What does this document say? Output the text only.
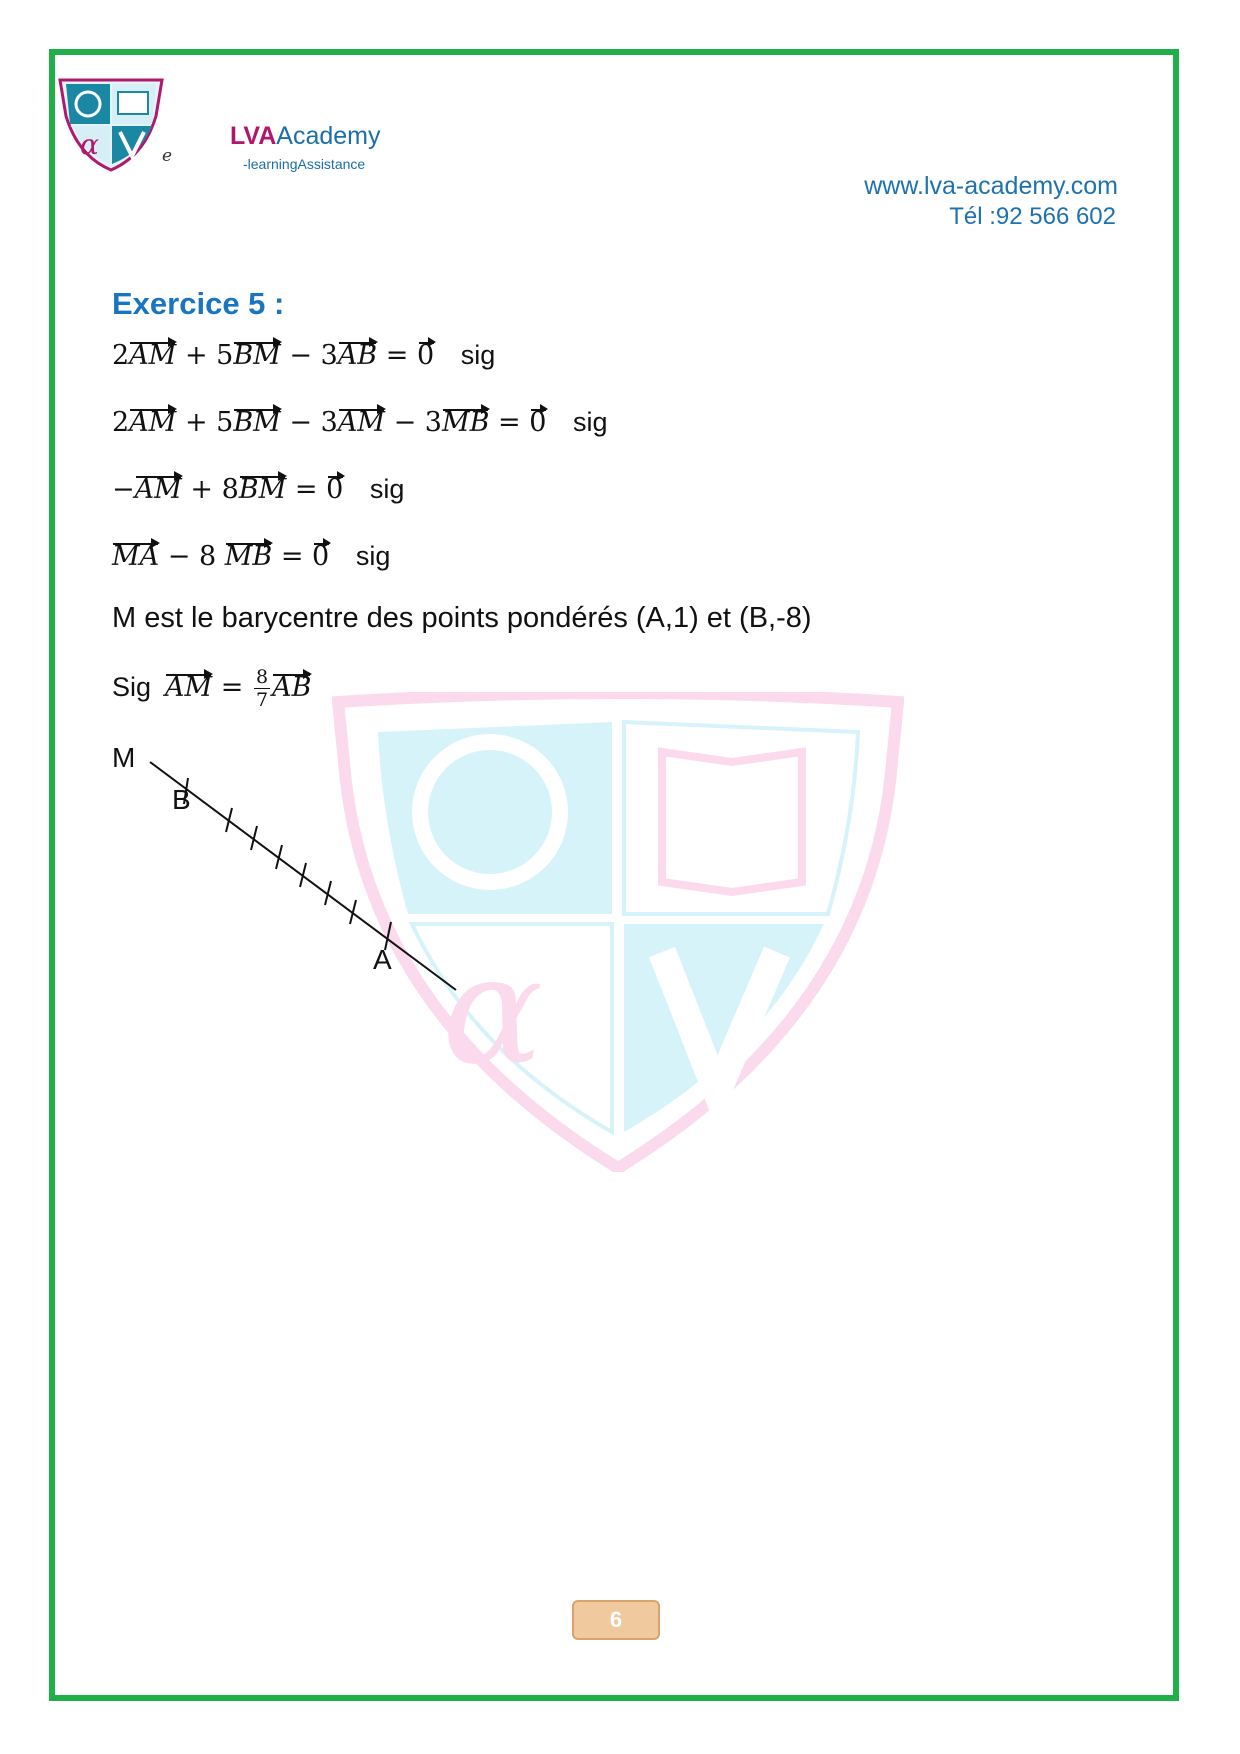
α	e
LVAAcademy
-learningAssistance
www.lva-academy.com
Tél :92 566 602
α
Exercice 5 :
2AM + 5BM − 3AB = 0 sig
2AM + 5BM − 3AM − 3MB = 0 sig
−AM + 8BM = 0 sig
MA − 8 MB = 0 sig
M est le barycentre des points pondérés (A,1) et (B,-8)
Sig AM = $\frac{8}{7}$ AB
M
B
A
6
